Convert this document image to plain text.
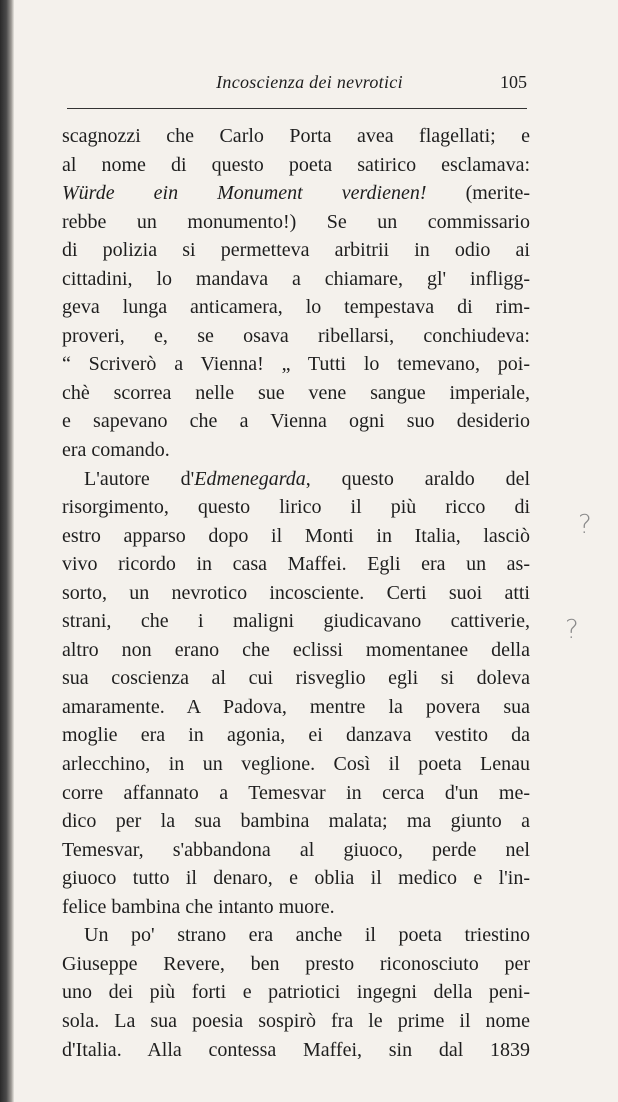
Incoscienza dei nevrotici	105
scagnozzi che Carlo Porta avea flagellati; e
al nome di questo poeta satirico esclamava:
Würde ein Monument verdienen! (merite-
rebbe un monumento!) Se un commissario
di polizia si permetteva arbitrii in odio ai
cittadini, lo mandava a chiamare, gl' infligg-
geva lunga anticamera, lo tempestava di rim-
proveri, e, se osava ribellarsi, conchiudeva:
“ Scriverò a Vienna! „ Tutti lo temevano, poi-
chè scorrea nelle sue vene sangue imperiale,
e sapevano che a Vienna ogni suo desiderio
era comando.
L'autore d'Edmenegarda, questo araldo del
risorgimento, questo lirico il più ricco di
estro apparso dopo il Monti in Italia, lasciò
vivo ricordo in casa Maffei. Egli era un as-
sorto, un nevrotico incosciente. Certi suoi atti
strani, che i maligni giudicavano cattiverie,
altro non erano che eclissi momentanee della
sua coscienza al cui risveglio egli si doleva
amaramente. A Padova, mentre la povera sua
moglie era in agonia, ei danzava vestito da
arlecchino, in un veglione. Così il poeta Lenau
corre affannato a Temesvar in cerca d'un me-
dico per la sua bambina malata; ma giunto a
Temesvar, s'abbandona al giuoco, perde nel
giuoco tutto il denaro, e oblia il medico e l'in-
felice bambina che intanto muore.
Un po' strano era anche il poeta triestino
Giuseppe Revere, ben presto riconosciuto per
uno dei più forti e patriotici ingegni della peni-
sola. La sua poesia sospirò fra le prime il nome
d'Italia. Alla contessa Maffei, sin dal 1839
?
?
